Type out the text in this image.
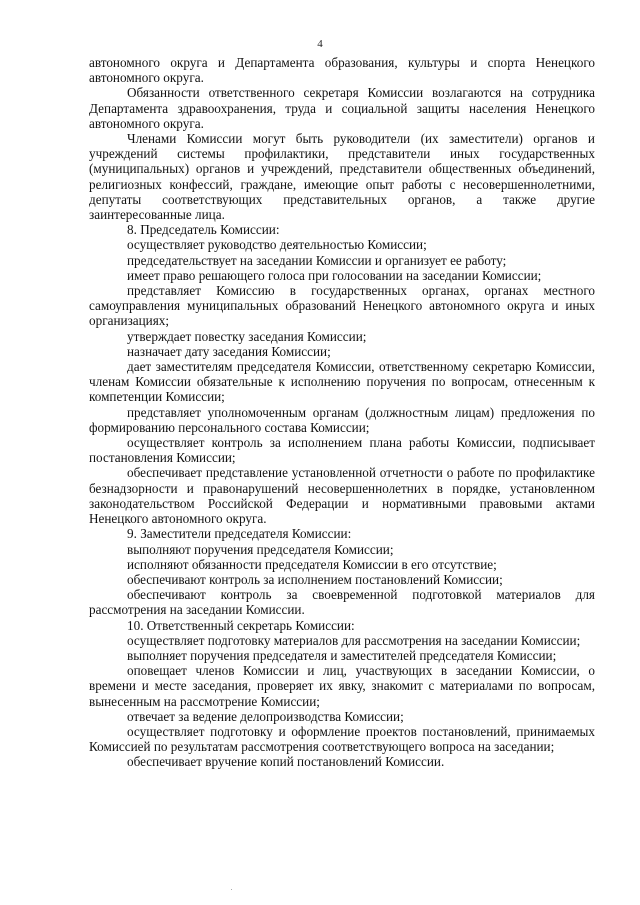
4

автономного округа и Департамента образования, культуры и спорта Ненецкого автономного округа.

Обязанности ответственного секретаря Комиссии возлагаются на сотрудника Департамента здравоохранения, труда и социальной защиты населения Ненецкого автономного округа.

Членами Комиссии могут быть руководители (их заместители) органов и учреждений системы профилактики, представители иных государственных (муниципальных) органов и учреждений, представители общественных объединений, религиозных конфессий, граждане, имеющие опыт работы с несовершеннолетними, депутаты соответствующих представительных органов, а также другие заинтересованные лица.

8. Председатель Комиссии:

осуществляет руководство деятельностью Комиссии;

председательствует на заседании Комиссии и организует ее работу;

имеет право решающего голоса при голосовании на заседании Комиссии;

представляет Комиссию в государственных органах, органах местного самоуправления муниципальных образований Ненецкого автономного округа и иных организациях;

утверждает повестку заседания Комиссии;

назначает дату заседания Комиссии;

дает заместителям председателя Комиссии, ответственному секретарю Комиссии, членам Комиссии обязательные к исполнению поручения по вопросам, отнесенным к компетенции Комиссии;

представляет уполномоченным органам (должностным лицам) предложения по формированию персонального состава Комиссии;

осуществляет контроль за исполнением плана работы Комиссии, подписывает постановления Комиссии;

обеспечивает представление установленной отчетности о работе по профилактике безнадзорности и правонарушений несовершеннолетних в порядке, установленном законодательством Российской Федерации и нормативными правовыми актами Ненецкого автономного округа.

9. Заместители председателя Комиссии:

выполняют поручения председателя Комиссии;

исполняют обязанности председателя Комиссии в его отсутствие;

обеспечивают контроль за исполнением постановлений Комиссии;

обеспечивают контроль за своевременной подготовкой материалов для рассмотрения на заседании Комиссии.

10. Ответственный секретарь Комиссии:

осуществляет подготовку материалов для рассмотрения на заседании Комиссии;

выполняет поручения председателя и заместителей председателя Комиссии;

оповещает членов Комиссии и лиц, участвующих в заседании Комиссии, о времени и месте заседания, проверяет их явку, знакомит с материалами по вопросам, вынесенным на рассмотрение Комиссии;

отвечает за ведение делопроизводства Комиссии;

осуществляет подготовку и оформление проектов постановлений, принимаемых Комиссией по результатам рассмотрения соответствующего вопроса на заседании;

обеспечивает вручение копий постановлений Комиссии.
